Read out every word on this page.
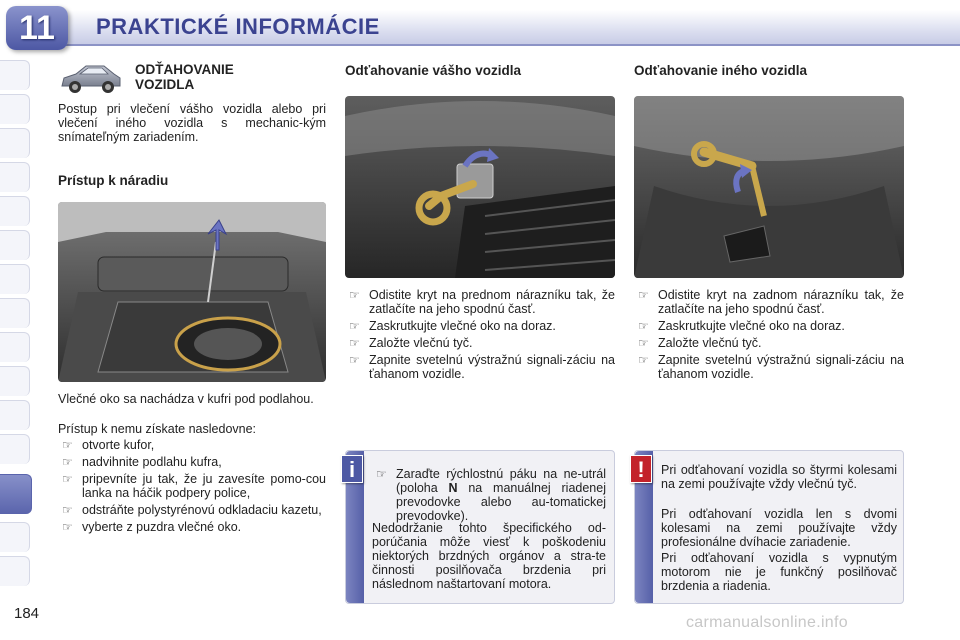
11	PRAKTICKÉ INFORMÁCIE
ODŤAHOVANIE
VOZIDLA
Postup pri vlečení vášho vozidla alebo pri vlečení iného vozidla s mechanic-kým snímateľným zariadením.
Prístup k náradiu
Vlečné oko sa nachádza v kufri pod podlahou.
Prístup k nemu získate nasledovne:
☞ otvorte kufor,
☞ nadvihnite podlahu kufra,
☞ pripevníte ju tak, že ju zavesíte pomo-cou lanka na háčik podpery police,
☞ odstráňte polystyrénovú odkladaciu kazetu,
☞ vyberte z puzdra vlečné oko.
Odťahovanie vášho vozidla
☞ Odistite kryt na prednom nárazníku tak, že zatlačíte na jeho spodnú časť.
☞ Zaskrutkujte vlečné oko na doraz.
☞ Založte vlečnú tyč.
☞ Zapnite svetelnú výstražnú signali-záciu na ťahanom vozidle.
☞ Zaraďte rýchlostnú páku na ne-utrál (poloha N na manuálnej riadenej prevodovke alebo au-tomatickej prevodovke).
Nedodržanie tohto špecifického od-porúčania môže viesť k poškodeniu niektorých brzdných orgánov a stra-te činnosti posilňovača brzdenia pri následnom naštartovaní motora.
i
Odťahovanie iného vozidla
☞ Odistite kryt na zadnom nárazníku tak, že zatlačíte na jeho spodnú časť.
☞ Zaskrutkujte vlečné oko na doraz.
☞ Založte vlečnú tyč.
☞ Zapnite svetelnú výstražnú signali-záciu na ťahanom vozidle.
Pri odťahovaní vozidla so štyrmi kolesami na zemi používajte vždy vlečnú tyč.
Pri odťahovaní vozidla len s dvomi kolesami na zemi používajte vždy profesionálne dvíhacie zariadenie.
Pri odťahovaní vozidla s vypnutým motorom nie je funkčný posilňovač brzdenia a riadenia.
!
184
carmanualsonline.info
